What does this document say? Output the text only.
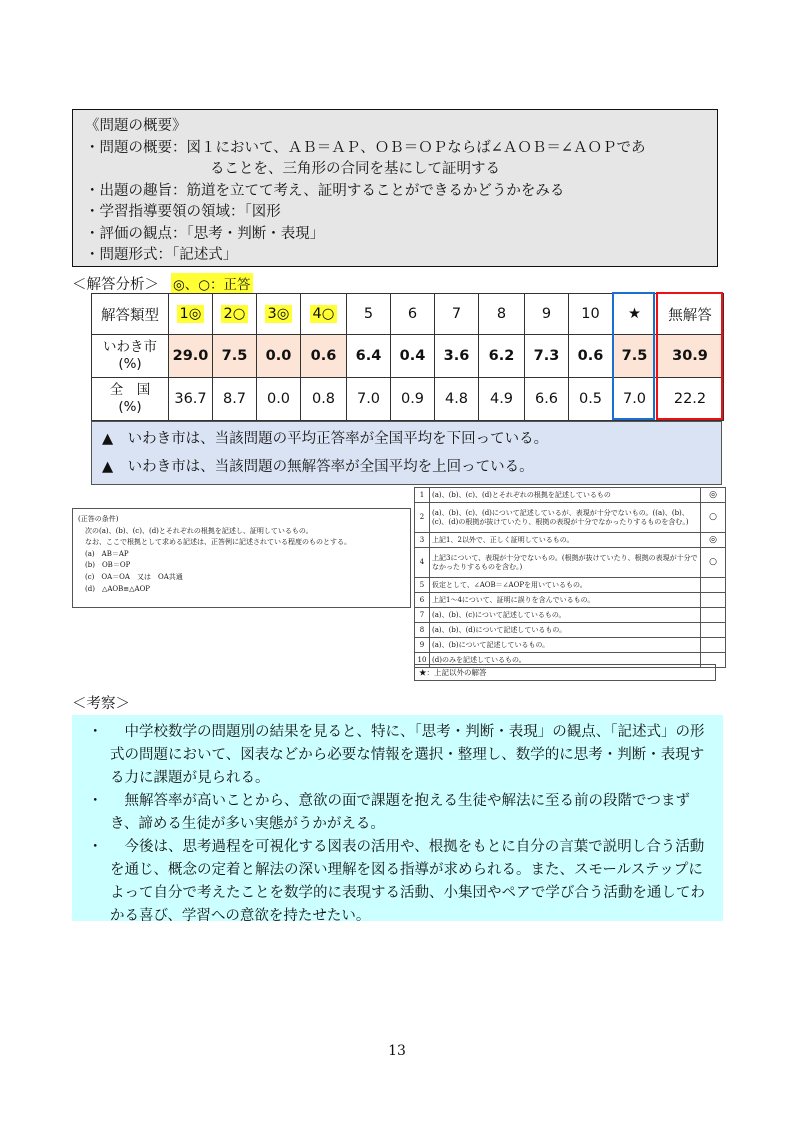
《問題の概要》
・問題の概要：図１において、ＡＢ＝ＡＰ、ＯＢ＝ＯＰならば∠ＡＯＢ＝∠ＡＯＰであ
ることを、三角形の合同を基にして証明する
・出題の趣旨：筋道を立てて考え、証明することができるかどうかをみる
・学習指導要領の領域：「図形
・評価の観点：「思考・判断・表現」
・問題形式：「記述式」
＜解答分析＞ ◎、○：正答
解答類型	1◎	2○	3◎	4○	5	6	7	8	9	10	★	無解答

いわき市
(%)	29.0	7.5	0.0	0.6	6.4	0.4	3.6	6.2	7.3	0.6	7.5	30.9

全　国
(%)	36.7	8.7	0.0	0.8	7.0	0.9	4.8	4.9	6.6	0.5	7.0	22.2
▲　いわき市は、当該問題の平均正答率が全国平均を下回っている。
▲　いわき市は、当該問題の無解答率が全国平均を上回っている。
(正答の条件)
　次の(a)、(b)、(c)、(d)とそれぞれの根拠を記述し、証明しているもの。
　なお、ここで根拠として求める記述は、正答例に記述されている程度のものとする。
　(a)　AB＝AP
　(b)　OB＝OP
　(c)　OA＝OA　又は　OA共通
　(d)　△AOB≡△AOP
1	(a)、(b)、(c)、(d)とそれぞれの根拠を記述しているもの	◎
2	(a)、(b)、(c)、(d)について記述しているが、表現が十分でないもの。((a)、(b)、(c)、(d)の根拠が抜けていたり、根拠の表現が十分でなかったりするものを含む。)	○
3	上記1、2以外で、正しく証明しているもの。	◎
4	上記3について、表現が十分でないもの。(根拠が抜けていたり、根拠の表現が十分でなかったりするものを含む。)	○
5	仮定として、∠AOB＝∠AOPを用いているもの。	
6	上記1～4について、証明に誤りを含んでいるもの。	
7	(a)、(b)、(c)について記述しているもの。	
8	(a)、(b)、(d)について記述しているもの。	
9	(a)、(b)について記述しているもの。	
10	(d)のみを記述しているもの。	
★：上記以外の解答
＜考察＞
・ 　中学校数学の問題別の結果を見ると、特に、「思考・判断・表現」の観点、「記述式」の形式の問題において、図表などから必要な情報を選択・整理し、数学的に思考・判断・表現する力に課題が見られる。
・ 　無解答率が高いことから、意欲の面で課題を抱える生徒や解法に至る前の段階でつまずき、諦める生徒が多い実態がうかがえる。
・ 　今後は、思考過程を可視化する図表の活用や、根拠をもとに自分の言葉で説明し合う活動を通じ、概念の定着と解法の深い理解を図る指導が求められる。また、スモールステップによって自分で考えたことを数学的に表現する活動、小集団やペアで学び合う活動を通してわかる喜び、学習への意欲を持たせたい。
13
